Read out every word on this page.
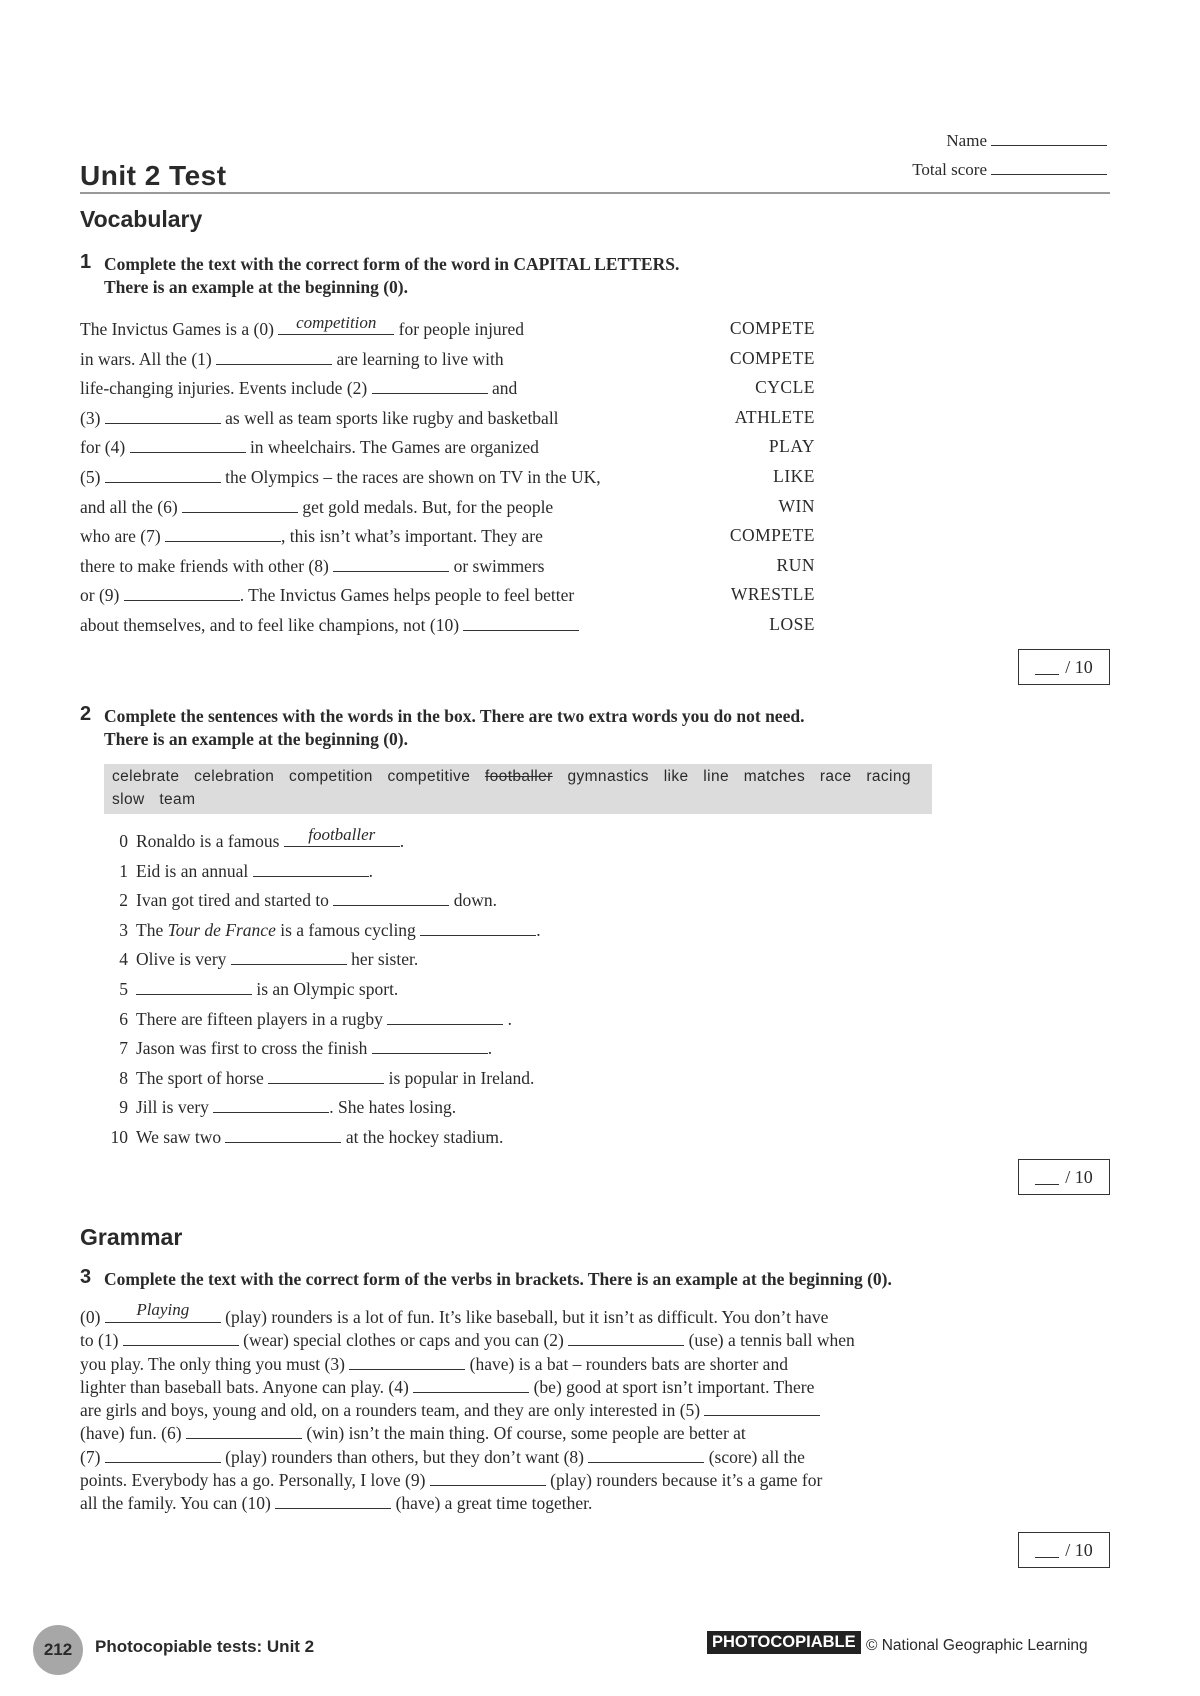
Name
Total score
Unit 2 Test
Vocabulary
1 Complete the text with the correct form of the word in CAPITAL LETTERS.
There is an example at the beginning (0).
The Invictus Games is a (0)	competition	for people injured	COMPETE
in wars. All the (1)	are learning to live with	COMPETE
life-changing injuries. Events include (2)	and	CYCLE
(3)	as well as team sports like rugby and basketball	ATHLETE
for (4)	in wheelchairs. The Games are organized	PLAY
(5)	the Olympics – the races are shown on TV in the UK,	LIKE
and all the (6)	get gold medals. But, for the people	WIN
who are (7)	, this isn’t what’s important. They are	COMPETE
there to make friends with other (8)	or swimmers	RUN
or (9)	. The Invictus Games helps people to feel better	WRESTLE
about themselves, and to feel like champions, not (10)	LOSE
/ 10
2 Complete the sentences with the words in the box. There are two extra words you do not need.
There is an example at the beginning (0).
celebrate celebration competition competitive footballer gymnastics like line matches race racing slow team
0 Ronaldo is a famous	footballer	.
1 Eid is an annual	.
2 Ivan got tired and started to	down.
3 The Tour de France is a famous cycling	.
4 Olive is very	her sister.
5	is an Olympic sport.
6 There are fifteen players in a rugby	.
7 Jason was first to cross the finish	.
8 The sport of horse	is popular in Ireland.
9 Jill is very	. She hates losing.
10 We saw two	at the hockey stadium.
/ 10
Grammar
3 Complete the text with the correct form of the verbs in brackets. There is an example at the beginning (0).
(0)	Playing	(play) rounders is a lot of fun. It’s like baseball, but it isn’t as difficult. You don’t have
to (1)	(wear) special clothes or caps and you can (2)	(use) a tennis ball when
you play. The only thing you must (3)	(have) is a bat – rounders bats are shorter and
lighter than baseball bats. Anyone can play. (4)	(be) good at sport isn’t important. There
are girls and boys, young and old, on a rounders team, and they are only interested in (5)
(have) fun. (6)	(win) isn’t the main thing. Of course, some people are better at
(7)	(play) rounders than others, but they don’t want (8)	(score) all the
points. Everybody has a go. Personally, I love (9)	(play) rounders because it’s a game for
all the family. You can (10)	(have) a great time together.
/ 10
212	Photocopiable tests: Unit 2	PHOTOCOPIABLE © National Geographic Learning
